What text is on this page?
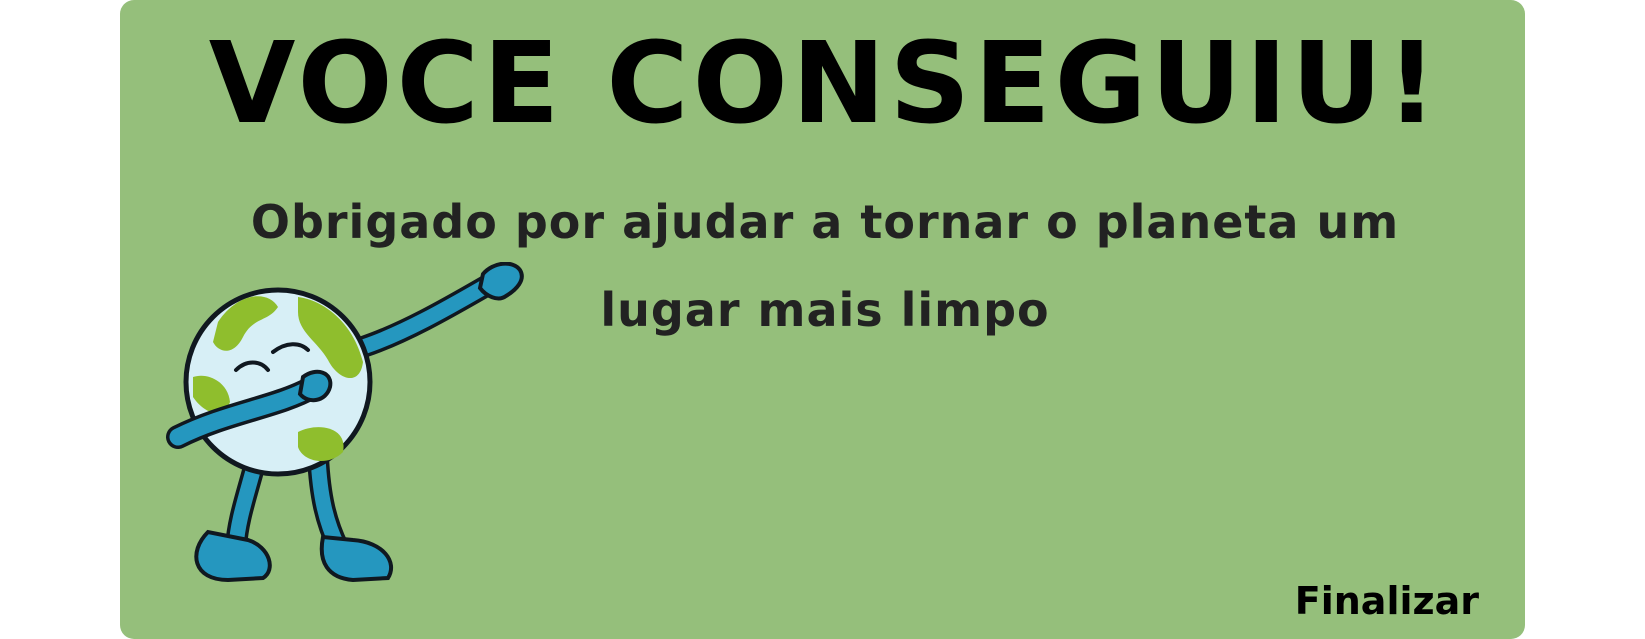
VOCE CONSEGUIU!
Obrigado por ajudar a tornar o planeta um lugar mais limpo
Finalizar
